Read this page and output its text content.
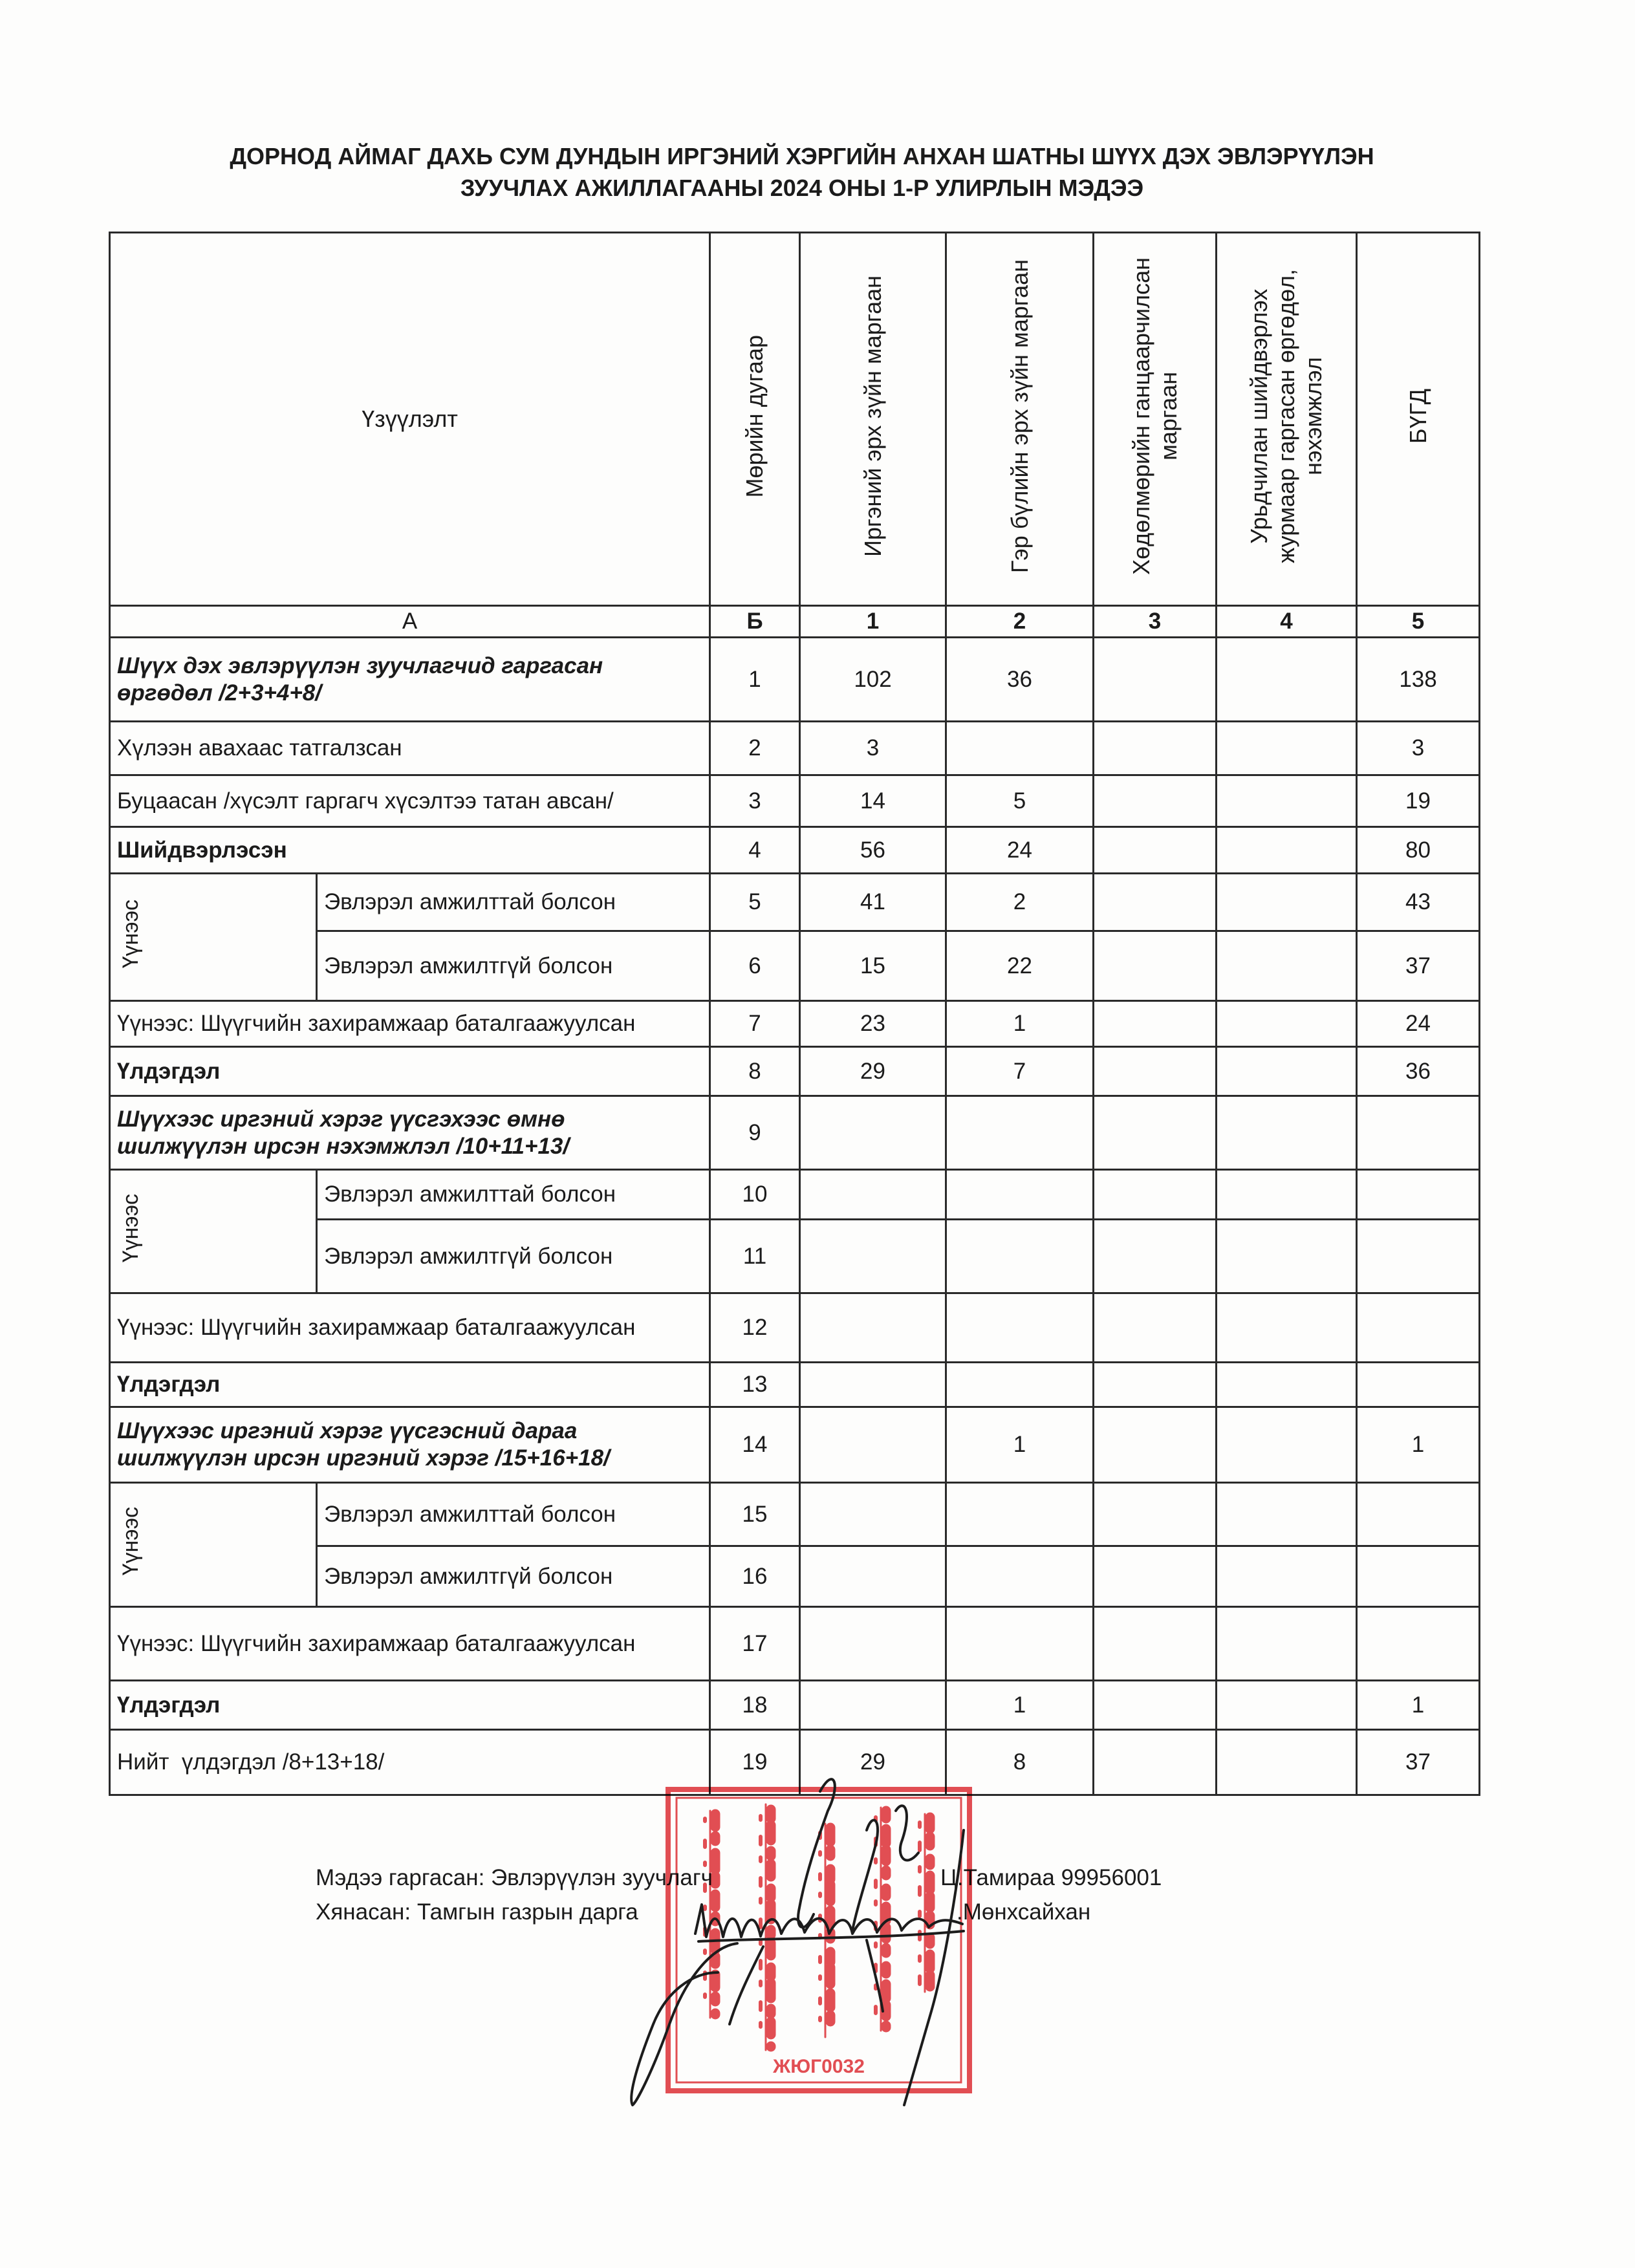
ДОРНОД АЙМАГ ДАХЬ СУМ ДУНДЫН ИРГЭНИЙ ХЭРГИЙН АНХАН ШАТНЫ ШҮҮХ ДЭХ ЭВЛЭРҮҮЛЭН
ЗУУЧЛАХ АЖИЛЛАГААНЫ 2024 ОНЫ 1-Р УЛИРЛЫН МЭДЭЭ
Үзүүлэлт		Мөрийн дугаар	Иргэний эрх зүйн маргаан	Гэр бүлийн эрх зүйн маргаан	Хөдөлмөрийн ганцаарчилсан маргаан	Урьдчилан шийдвэрлэх журмаар гаргасан өргөдөл, нэхэмжлэл	БҮГД
А		Б	1	2	3	4	5

Шүүх дэх эвлэрүүлэн зуучлагчид гаргасан
өргөдөл /2+3+4+8/		1	102	36			138
Хүлээн авахаас татгалзсан		2	3				3
Буцаасан /хүсэлт гаргагч хүсэлтээ татан авсан/		3	14	5			19
Шийдвэрлэсэн		4	56	24			80
Үүнээс	Эвлэрэл амжилттай болсон	5	41	2			43
	Эвлэрэл амжилтгүй болсон	6	15	22			37
Үүнээс: Шүүгчийн захирамжаар баталгаажуулсан		7	23	1			24
Үлдэгдэл		8	29	7			36

Шүүхээс иргэний хэрэг үүсгэхээс өмнө
шилжүүлэн ирсэн нэхэмжлэл /10+11+13/		9					
Үүнээс	Эвлэрэл амжилттай болсон	10					
	Эвлэрэл амжилтгүй болсон	11					
Үүнээс: Шүүгчийн захирамжаар баталгаажуулсан		12					
Үлдэгдэл		13					

Шүүхээс иргэний хэрэг үүсгэсний дараа
шилжүүлэн ирсэн иргэний хэрэг /15+16+18/		14		1			1
Үүнээс	Эвлэрэл амжилттай болсон	15					
	Эвлэрэл амжилтгүй болсон	16					
Үүнээс: Шүүгчийн захирамжаар баталгаажуулсан		17					
Үлдэгдэл		18		1			1
Нийт  үлдэгдэл /8+13+18/		19	29	8			37
Мэдээ гаргасан: Эвлэрүүлэн зуучлагч	Ц.Тамираа 99956001
Хянасан: Тамгын газрын дарга	.Мөнхсайхан
ЖЮГ0032
